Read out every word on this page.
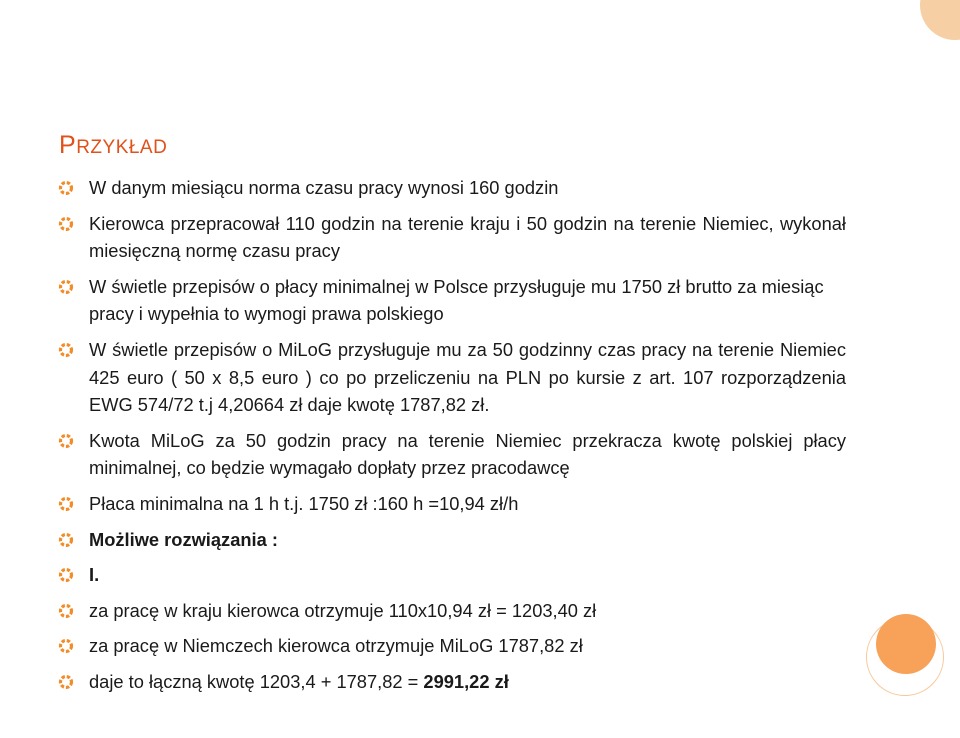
PRZYKŁAD
W danym miesiącu norma czasu pracy wynosi 160 godzin
Kierowca przepracował 110 godzin na terenie kraju i 50 godzin na terenie Niemiec, wykonał miesięczną normę czasu pracy
W świetle przepisów o płacy minimalnej w Polsce przysługuje mu 1750 zł brutto za miesiąc pracy i wypełnia to wymogi prawa polskiego
W świetle przepisów o MiLoG przysługuje mu za 50 godzinny czas pracy na terenie Niemiec 425 euro ( 50 x 8,5 euro ) co po przeliczeniu na PLN po kursie z art. 107 rozporządzenia EWG 574/72 t.j 4,20664 zł daje kwotę 1787,82 zł.
Kwota MiLoG za 50 godzin pracy na terenie Niemiec przekracza kwotę polskiej płacy minimalnej, co będzie wymagało dopłaty przez pracodawcę
Płaca minimalna na 1 h t.j. 1750 zł :160 h =10,94 zł/h
Możliwe rozwiązania :
I.
za pracę w kraju kierowca otrzymuje 110x10,94 zł = 1203,40 zł
za pracę w Niemczech kierowca otrzymuje MiLoG 1787,82 zł
daje to łączną kwotę 1203,4 + 1787,82 = 2991,22 zł
